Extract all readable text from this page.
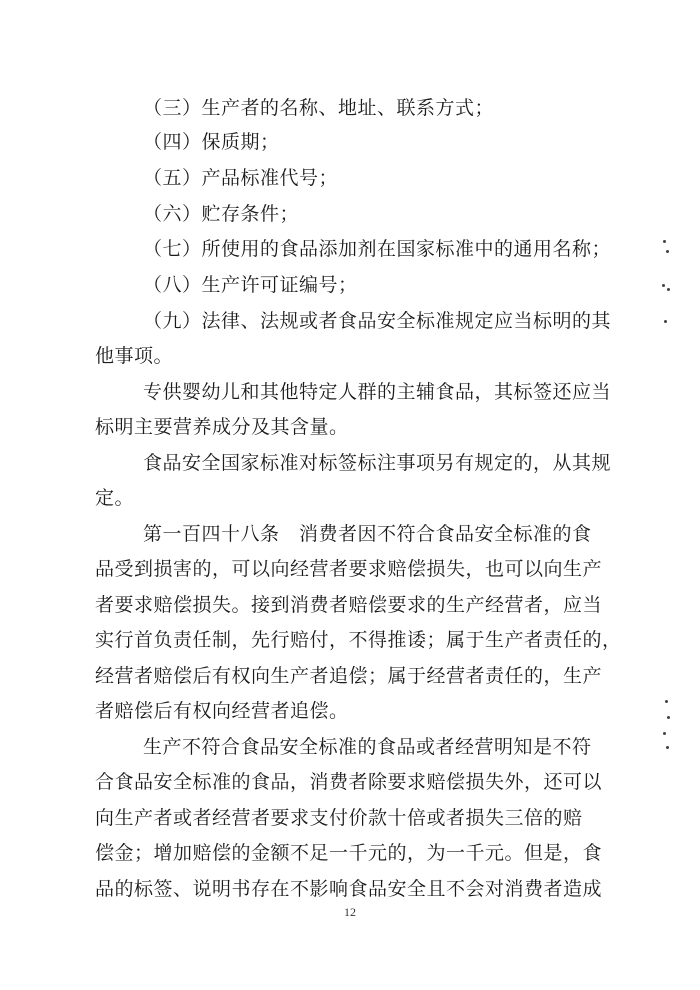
（三）生产者的名称、地址、联系方式；
（四）保质期；
（五）产品标准代号；
（六）贮存条件；
（七）所使用的食品添加剂在国家标准中的通用名称；
（八）生产许可证编号；
（九）法律、法规或者食品安全标准规定应当标明的其
他事项。
专供婴幼儿和其他特定人群的主辅食品，其标签还应当
标明主要营养成分及其含量。
食品安全国家标准对标签标注事项另有规定的，从其规
定。
第一百四十八条　消费者因不符合食品安全标准的食
品受到损害的，可以向经营者要求赔偿损失，也可以向生产
者要求赔偿损失。接到消费者赔偿要求的生产经营者，应当
实行首负责任制，先行赔付，不得推诿；属于生产者责任的，
经营者赔偿后有权向生产者追偿；属于经营者责任的，生产
者赔偿后有权向经营者追偿。
生产不符合食品安全标准的食品或者经营明知是不符
合食品安全标准的食品，消费者除要求赔偿损失外，还可以
向生产者或者经营者要求支付价款十倍或者损失三倍的赔
偿金；增加赔偿的金额不足一千元的，为一千元。但是，食
品的标签、说明书存在不影响食品安全且不会对消费者造成
12
